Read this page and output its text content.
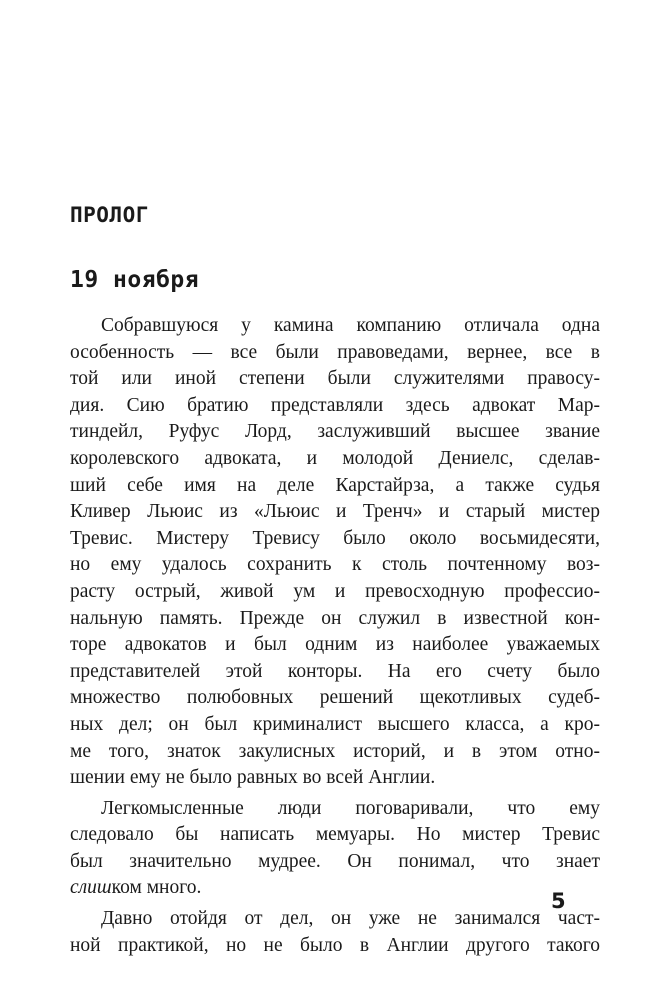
ПРОЛОГ
19 ноября
Собравшуюся у камина компанию отличала одна
особенность — все были правоведами, вернее, все в
той или иной степени были служителями правосу-
дия. Сию братию представляли здесь адвокат Мар-
тиндейл, Руфус Лорд, заслуживший высшее звание
королевского адвоката, и молодой Дениелс, сделав-
ший себе имя на деле Карстайрза, а также судья
Кливер Льюис из «Льюис и Тренч» и старый мистер
Тревис. Мистеру Тревису было около восьмидесяти,
но ему удалось сохранить к столь почтенному воз-
расту острый, живой ум и превосходную профессио-
нальную память. Прежде он служил в известной кон-
торе адвокатов и был одним из наиболее уважаемых
представителей этой конторы. На его счету было
множество полюбовных решений щекотливых судеб-
ных дел; он был криминалист высшего класса, а кро-
ме того, знаток закулисных историй, и в этом отно-
шении ему не было равных во всей Англии.
Легкомысленные люди поговаривали, что ему
следовало бы написать мемуары. Но мистер Тревис
был значительно мудрее. Он понимал, что знает
слишком много.
Давно отойдя от дел, он уже не занимался част-
ной практикой, но не было в Англии другого такого
5
